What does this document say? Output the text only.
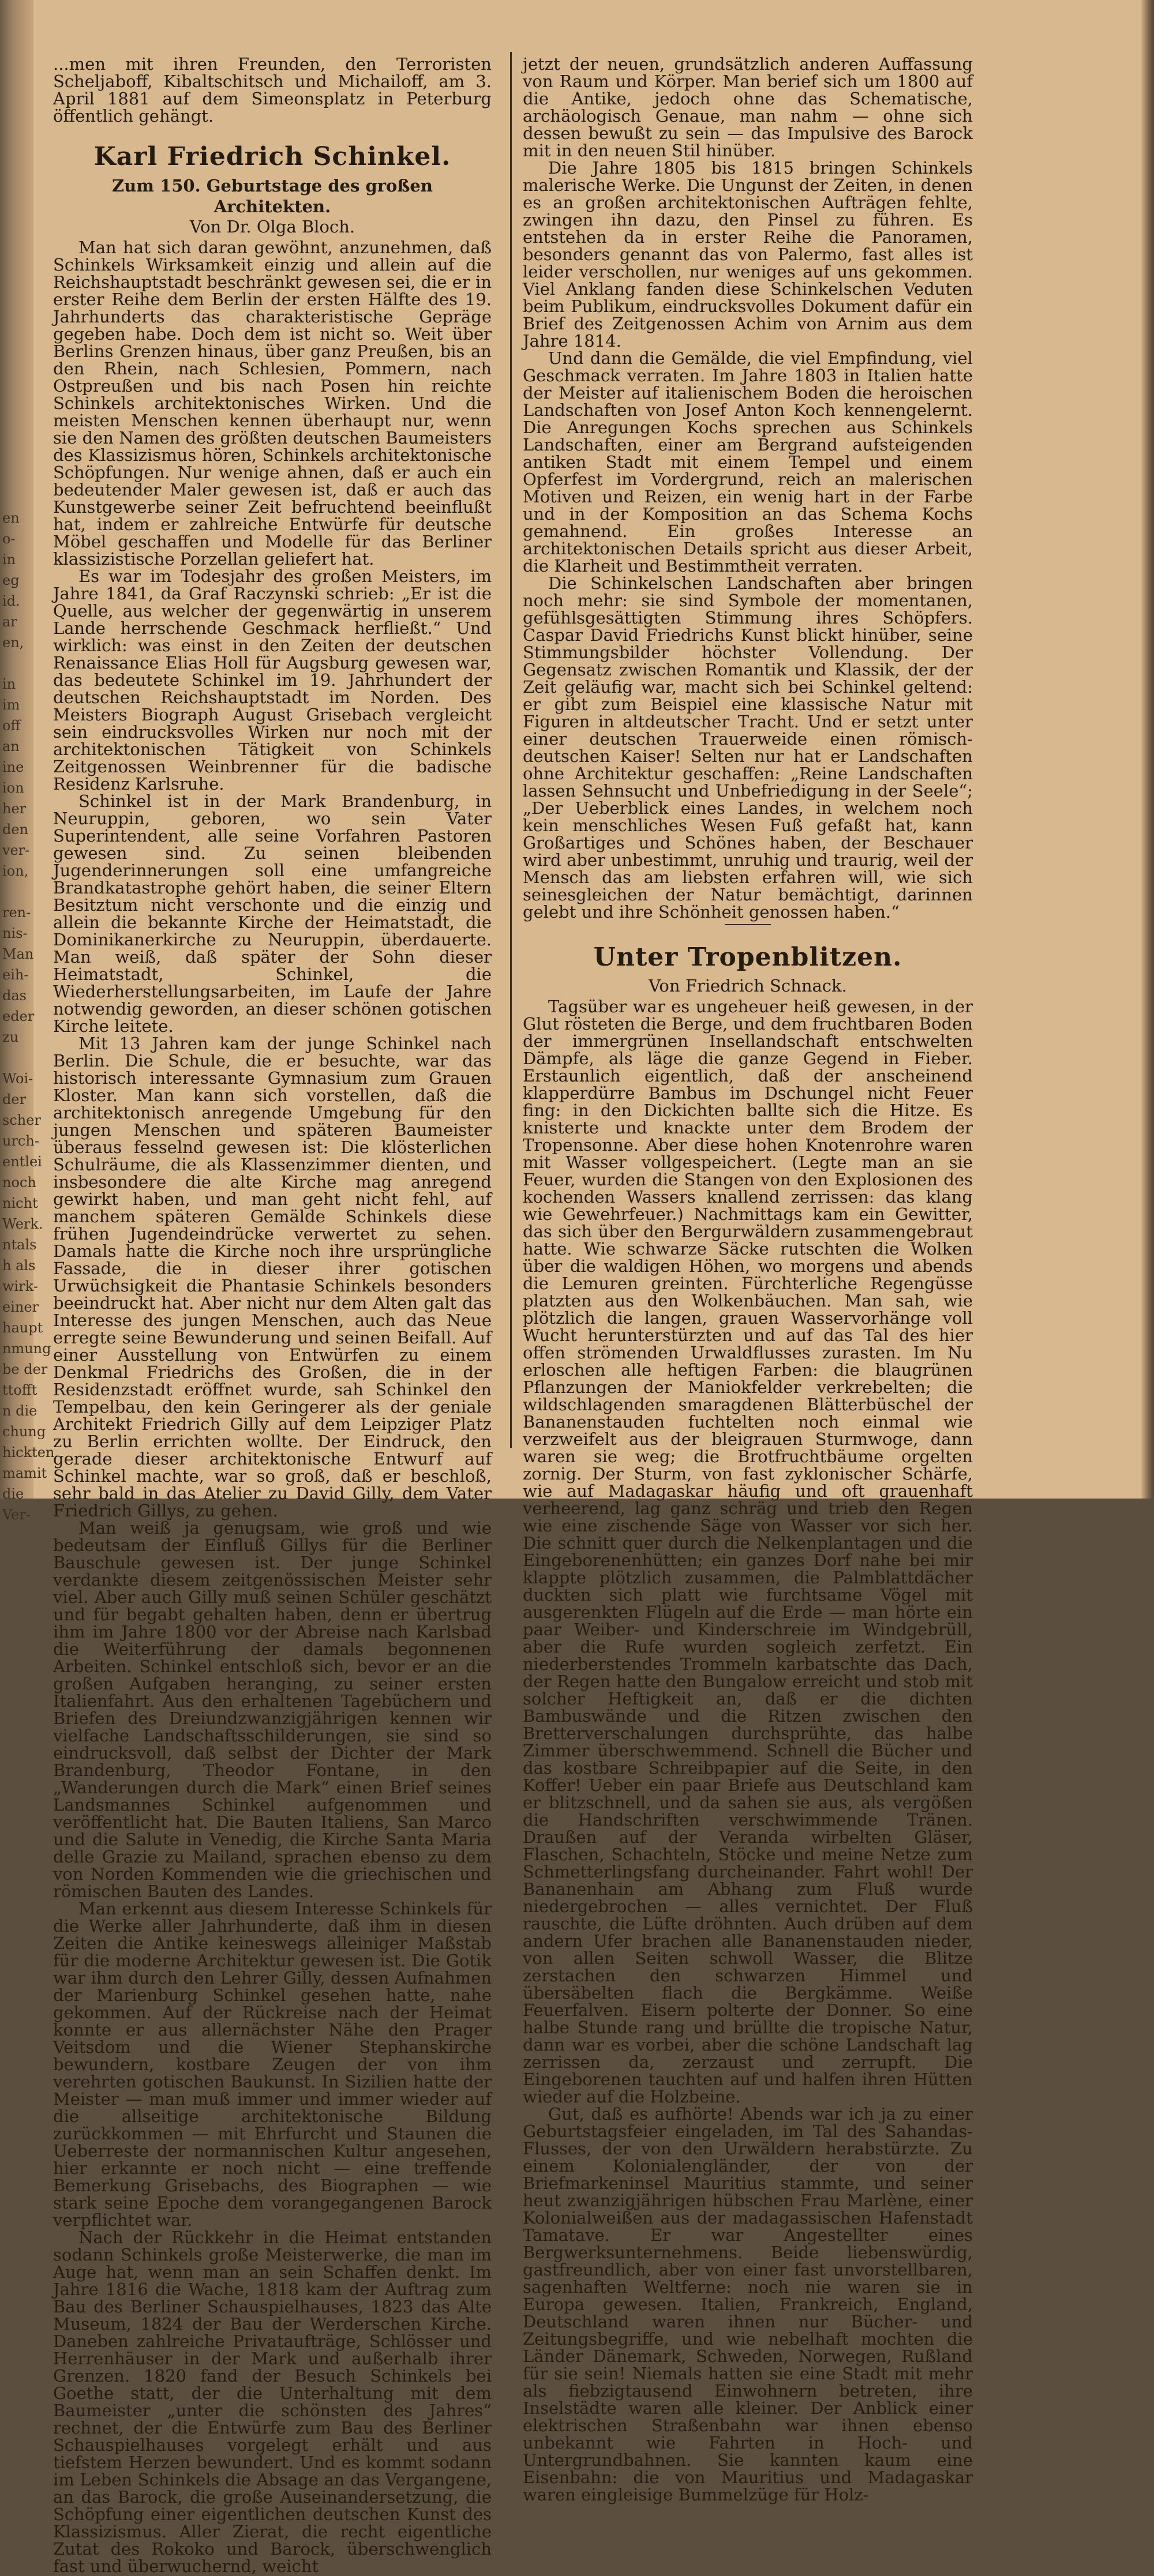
en
o-
in
eg
id.
ar
en,

in
im
off
an
ine
ion
her
den
ver-
ion,

ren-
nis-
Man
eih-
das
eder
zu

Woi-
der
scher
urch-
entlei
noch
nicht
Werk.
ntals
h als
wirk-
einer
haupt
nmung
be der
ttofft
n die
chung
hickten
mamit
die
Ver-

...men mit ihren Freunden, den Terroristen Scheljaboff, Kibaltschitsch und Michailoff, am 3. April 1881 auf dem Simeonsplatz in Peterburg öffentlich gehängt.

Karl Friedrich Schinkel.
Zum 150. Geburtstage des großen Architekten.
Von Dr. Olga Bloch.

Man hat sich daran gewöhnt, anzunehmen, daß Schinkels Wirksamkeit einzig und allein auf die Reichshauptstadt beschränkt gewesen sei, die er in erster Reihe dem Berlin der ersten Hälfte des 19. Jahrhunderts das charakteristische Gepräge gegeben habe. Doch dem ist nicht so. Weit über Berlins Grenzen hinaus, über ganz Preußen, bis an den Rhein, nach Schlesien, Pommern, nach Ostpreußen und bis nach Posen hin reichte Schinkels architektonisches Wirken. Und die meisten Menschen kennen überhaupt nur, wenn sie den Namen des größten deutschen Baumeisters des Klassizismus hören, Schinkels architektonische Schöpfungen. Nur wenige ahnen, daß er auch ein bedeutender Maler gewesen ist, daß er auch das Kunstgewerbe seiner Zeit befruchtend beeinflußt hat, indem er zahlreiche Entwürfe für deutsche Möbel geschaffen und Modelle für das Berliner klassizistische Porzellan geliefert hat.

Es war im Todesjahr des großen Meisters, im Jahre 1841, da Graf Raczynski schrieb: „Er ist die Quelle, aus welcher der gegenwärtig in unserem Lande herrschende Geschmack herfließt.“ Und wirklich: was einst in den Zeiten der deutschen Renaissance Elias Holl für Augsburg gewesen war, das bedeutete Schinkel im 19. Jahrhundert der deutschen Reichshauptstadt im Norden. Des Meisters Biograph August Grisebach vergleicht sein eindrucksvolles Wirken nur noch mit der architektonischen Tätigkeit von Schinkels Zeitgenossen Weinbrenner für die badische Residenz Karlsruhe.

Schinkel ist in der Mark Brandenburg, in Neuruppin, geboren, wo sein Vater Superintendent, alle seine Vorfahren Pastoren gewesen sind. Zu seinen bleibenden Jugenderinnerungen soll eine umfangreiche Brandkatastrophe gehört haben, die seiner Eltern Besitztum nicht verschonte und die einzig und allein die bekannte Kirche der Heimatstadt, die Dominikanerkirche zu Neuruppin, überdauerte. Man weiß, daß später der Sohn dieser Heimatstadt, Schinkel, die Wiederherstellungsarbeiten, im Laufe der Jahre notwendig geworden, an dieser schönen gotischen Kirche leitete.

Mit 13 Jahren kam der junge Schinkel nach Berlin. Die Schule, die er besuchte, war das historisch interessante Gymnasium zum Grauen Kloster. Man kann sich vorstellen, daß die architektonisch anregende Umgebung für den jungen Menschen und späteren Baumeister überaus fesselnd gewesen ist: Die klösterlichen Schulräume, die als Klassenzimmer dienten, und insbesondere die alte Kirche mag anregend gewirkt haben, und man geht nicht fehl, auf manchem späteren Gemälde Schinkels diese frühen Jugendeindrücke verwertet zu sehen. Damals hatte die Kirche noch ihre ursprüngliche Fassade, die in dieser ihrer gotischen Urwüchsigkeit die Phantasie Schinkels besonders beeindruckt hat. Aber nicht nur dem Alten galt das Interesse des jungen Menschen, auch das Neue erregte seine Bewunderung und seinen Beifall. Auf einer Ausstellung von Entwürfen zu einem Denkmal Friedrichs des Großen, die in der Residenzstadt eröffnet wurde, sah Schinkel den Tempelbau, den kein Geringerer als der geniale Architekt Friedrich Gilly auf dem Leipziger Platz zu Berlin errichten wollte. Der Eindruck, den gerade dieser architektonische Entwurf auf Schinkel machte, war so groß, daß er beschloß, sehr bald in das Atelier zu David Gilly, dem Vater Friedrich Gillys, zu gehen.

Man weiß ja genugsam, wie groß und wie bedeutsam der Einfluß Gillys für die Berliner Bauschule gewesen ist. Der junge Schinkel verdankte diesem zeitgenössischen Meister sehr viel. Aber auch Gilly muß seinen Schüler geschätzt und für begabt gehalten haben, denn er übertrug ihm im Jahre 1800 vor der Abreise nach Karlsbad die Weiterführung der damals begonnenen Arbeiten. Schinkel entschloß sich, bevor er an die großen Aufgaben heranging, zu seiner ersten Italienfahrt. Aus den erhaltenen Tagebüchern und Briefen des Dreiundzwanzigjährigen kennen wir vielfache Landschaftsschilderungen, sie sind so eindrucksvoll, daß selbst der Dichter der Mark Brandenburg, Theodor Fontane, in den „Wanderungen durch die Mark“ einen Brief seines Landsmannes Schinkel aufgenommen und veröffentlicht hat. Die Bauten Italiens, San Marco und die Salute in Venedig, die Kirche Santa Maria delle Grazie zu Mailand, sprachen ebenso zu dem von Norden Kommenden wie die griechischen und römischen Bauten des Landes.

Man erkennt aus diesem Interesse Schinkels für die Werke aller Jahrhunderte, daß ihm in diesen Zeiten die Antike keineswegs alleiniger Maßstab für die moderne Architektur gewesen ist. Die Gotik war ihm durch den Lehrer Gilly, dessen Aufnahmen der Marienburg Schinkel gesehen hatte, nahe gekommen. Auf der Rückreise nach der Heimat konnte er aus allernächster Nähe den Prager Veitsdom und die Wiener Stephanskirche bewundern, kostbare Zeugen der von ihm verehrten gotischen Baukunst. In Sizilien hatte der Meister — man muß immer und immer wieder auf die allseitige architektonische Bildung zurückkommen — mit Ehrfurcht und Staunen die Ueberreste der normannischen Kultur angesehen, hier erkannte er noch nicht — eine treffende Bemerkung Grisebachs, des Biographen — wie stark seine Epoche dem vorangegangenen Barock verpflichtet war.

Nach der Rückkehr in die Heimat entstanden sodann Schinkels große Meisterwerke, die man im Auge hat, wenn man an sein Schaffen denkt. Im Jahre 1816 die Wache, 1818 kam der Auftrag zum Bau des Berliner Schauspielhauses, 1823 das Alte Museum, 1824 der Bau der Werderschen Kirche. Daneben zahlreiche Privataufträge, Schlösser und Herrenhäuser in der Mark und außerhalb ihrer Grenzen. 1820 fand der Besuch Schinkels bei Goethe statt, der die Unterhaltung mit dem Baumeister „unter die schönsten des Jahres“ rechnet, der die Entwürfe zum Bau des Berliner Schauspielhauses vorgelegt erhält und aus tiefstem Herzen bewundert. Und es kommt sodann im Leben Schinkels die Absage an das Vergangene, an das Barock, die große Auseinandersetzung, die Schöpfung einer eigentlichen deutschen Kunst des Klassizismus. Aller Zierat, die recht eigentliche Zutat des Rokoko und Barock, überschwenglich fast und überwuchernd, weicht

jetzt der neuen, grundsätzlich anderen Auffassung von Raum und Körper. Man berief sich um 1800 auf die Antike, jedoch ohne das Schematische, archäologisch Genaue, man nahm — ohne sich dessen bewußt zu sein — das Impulsive des Barock mit in den neuen Stil hinüber.

Die Jahre 1805 bis 1815 bringen Schinkels malerische Werke. Die Ungunst der Zeiten, in denen es an großen architektonischen Aufträgen fehlte, zwingen ihn dazu, den Pinsel zu führen. Es entstehen da in erster Reihe die Panoramen, besonders genannt das von Palermo, fast alles ist leider verschollen, nur weniges auf uns gekommen. Viel Anklang fanden diese Schinkelschen Veduten beim Publikum, eindrucksvolles Dokument dafür ein Brief des Zeitgenossen Achim von Arnim aus dem Jahre 1814.

Und dann die Gemälde, die viel Empfindung, viel Geschmack verraten. Im Jahre 1803 in Italien hatte der Meister auf italienischem Boden die heroischen Landschaften von Josef Anton Koch kennengelernt. Die Anregungen Kochs sprechen aus Schinkels Landschaften, einer am Bergrand aufsteigenden antiken Stadt mit einem Tempel und einem Opferfest im Vordergrund, reich an malerischen Motiven und Reizen, ein wenig hart in der Farbe und in der Komposition an das Schema Kochs gemahnend. Ein großes Interesse an architektonischen Details spricht aus dieser Arbeit, die Klarheit und Bestimmtheit verraten.

Die Schinkelschen Landschaften aber bringen noch mehr: sie sind Symbole der momentanen, gefühlsgesättigten Stimmung ihres Schöpfers. Caspar David Friedrichs Kunst blickt hinüber, seine Stimmungsbilder höchster Vollendung. Der Gegensatz zwischen Romantik und Klassik, der der Zeit geläufig war, macht sich bei Schinkel geltend: er gibt zum Beispiel eine klassische Natur mit Figuren in altdeutscher Tracht. Und er setzt unter einer deutschen Trauerweide einen römisch-deutschen Kaiser! Selten nur hat er Landschaften ohne Architektur geschaffen: „Reine Landschaften lassen Sehnsucht und Unbefriedigung in der Seele“; „Der Ueberblick eines Landes, in welchem noch kein menschliches Wesen Fuß gefaßt hat, kann Großartiges und Schönes haben, der Beschauer wird aber unbestimmt, unruhig und traurig, weil der Mensch das am liebsten erfahren will, wie sich seinesgleichen der Natur bemächtigt, darinnen gelebt und ihre Schönheit genossen haben.“

Unter Tropenblitzen.
Von Friedrich Schnack.

Tagsüber war es ungeheuer heiß gewesen, in der Glut rösteten die Berge, und dem fruchtbaren Boden der immergrünen Insellandschaft entschwelten Dämpfe, als läge die ganze Gegend in Fieber. Erstaunlich eigentlich, daß der anscheinend klapperdürre Bambus im Dschungel nicht Feuer fing: in den Dickichten ballte sich die Hitze. Es knisterte und knackte unter dem Brodem der Tropensonne. Aber diese hohen Knotenrohre waren mit Wasser vollgespeichert. (Legte man an sie Feuer, wurden die Stangen von den Explosionen des kochenden Wassers knallend zerrissen: das klang wie Gewehrfeuer.) Nachmittags kam ein Gewitter, das sich über den Bergurwäldern zusammengebraut hatte. Wie schwarze Säcke rutschten die Wolken über die waldigen Höhen, wo morgens und abends die Lemuren greinten. Fürchterliche Regengüsse platzten aus den Wolkenbäuchen. Man sah, wie plötzlich die langen, grauen Wasservorhänge voll Wucht herunterstürzten und auf das Tal des hier offen strömenden Urwaldflusses zurasten. Im Nu erloschen alle heftigen Farben: die blaugrünen Pflanzungen der Maniokfelder verkrebelten; die wildschlagenden smaragdenen Blätterbüschel der Bananenstauden fuchtelten noch einmal wie verzweifelt aus der bleigrauen Sturmwoge, dann waren sie weg; die Brotfruchtbäume orgelten zornig. Der Sturm, von fast zyklonischer Schärfe, wie auf Madagaskar häufig und oft grauenhaft verheerend, lag ganz schräg und trieb den Regen wie eine zischende Säge von Wasser vor sich her. Die schnitt quer durch die Nelkenplantagen und die Eingeborenenhütten; ein ganzes Dorf nahe bei mir klappte plötzlich zusammen, die Palmblattdächer duckten sich platt wie furchtsame Vögel mit ausgerenkten Flügeln auf die Erde — man hörte ein paar Weiber- und Kinderschreie im Windgebrüll, aber die Rufe wurden sogleich zerfetzt. Ein niederberstendes Trommeln karbatschte das Dach, der Regen hatte den Bungalow erreicht und stob mit solcher Heftigkeit an, daß er die dichten Bambuswände und die Ritzen zwischen den Bretterverschalungen durchsprühte, das halbe Zimmer überschwemmend. Schnell die Bücher und das kostbare Schreibpapier auf die Seite, in den Koffer! Ueber ein paar Briefe aus Deutschland kam er blitzschnell, und da sahen sie aus, als vergößen die Handschriften verschwimmende Tränen. Draußen auf der Veranda wirbelten Gläser, Flaschen, Schachteln, Stöcke und meine Netze zum Schmetterlingsfang durcheinander. Fahrt wohl! Der Bananenhain am Abhang zum Fluß wurde niedergebrochen — alles vernichtet. Der Fluß rauschte, die Lüfte dröhnten. Auch drüben auf dem andern Ufer brachen alle Bananenstauden nieder, von allen Seiten schwoll Wasser, die Blitze zerstachen den schwarzen Himmel und übersäbelten flach die Bergkämme. Weiße Feuerfalven. Eisern polterte der Donner. So eine halbe Stunde rang und brüllte die tropische Natur, dann war es vorbei, aber die schöne Landschaft lag zerrissen da, zerzaust und zerrupft. Die Eingeborenen tauchten auf und halfen ihren Hütten wieder auf die Holzbeine.

Gut, daß es aufhörte! Abends war ich ja zu einer Geburtstagsfeier eingeladen, im Tal des Sahandas-Flusses, der von den Urwäldern herabstürzte. Zu einem Kolonialengländer, der von der Briefmarkeninsel Mauritius stammte, und seiner heut zwanzigjährigen hübschen Frau Marlène, einer Kolonialweißen aus der madagassischen Hafenstadt Tamatave. Er war Angestellter eines Bergwerksunternehmens. Beide liebenswürdig, gastfreundlich, aber von einer fast unvorstellbaren, sagenhaften Weltferne: noch nie waren sie in Europa gewesen. Italien, Frankreich, England, Deutschland waren ihnen nur Bücher- und Zeitungsbegriffe, und wie nebelhaft mochten die Länder Dänemark, Schweden, Norwegen, Rußland für sie sein! Niemals hatten sie eine Stadt mit mehr als fiebzigtausend Einwohnern betreten, ihre Inselstädte waren alle kleiner. Der Anblick einer elektrischen Straßenbahn war ihnen ebenso unbekannt wie Fahrten in Hoch- und Untergrundbahnen. Sie kannten kaum eine Eisenbahn: die von Mauritius und Madagaskar waren eingleisige Bummelzüge für Holz-
